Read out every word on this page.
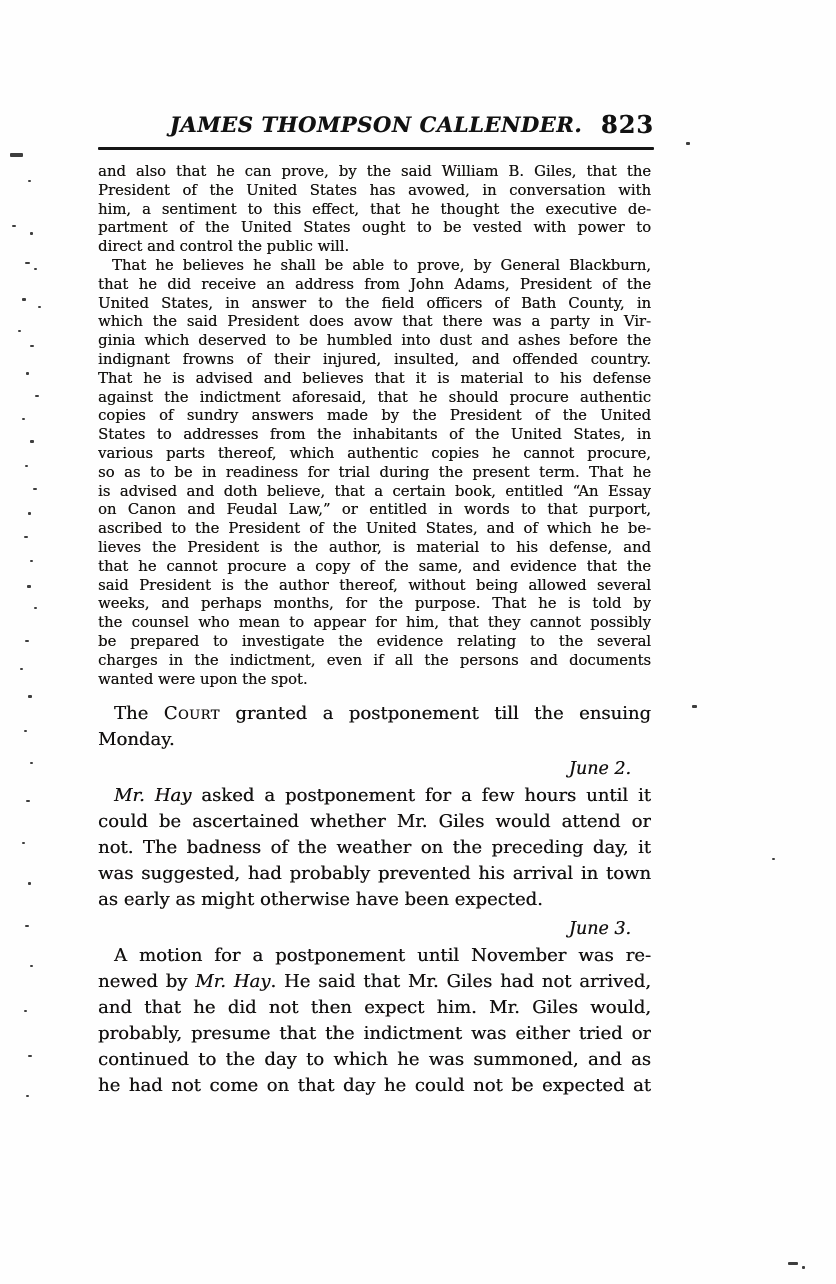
JAMES THOMPSON CALLENDER. 823
and also that he can prove, by the said William B. Giles, that the
President of the United States has avowed, in conversation with
him, a sentiment to this effect, that he thought the executive de-
partment of the United States ought to be vested with power to
direct and control the public will.
That he believes he shall be able to prove, by General Blackburn,
that he did receive an address from John Adams, President of the
United States, in answer to the field officers of Bath County, in
which the said President does avow that there was a party in Vir-
ginia which deserved to be humbled into dust and ashes before the
indignant frowns of their injured, insulted, and offended country.
That he is advised and believes that it is material to his defense
against the indictment aforesaid, that he should procure authentic
copies of sundry answers made by the President of the United
States to addresses from the inhabitants of the United States, in
various parts thereof, which authentic copies he cannot procure,
so as to be in readiness for trial during the present term. That he
is advised and doth believe, that a certain book, entitled “An Essay
on Canon and Feudal Law,” or entitled in words to that purport,
ascribed to the President of the United States, and of which he be-
lieves the President is the author, is material to his defense, and
that he cannot procure a copy of the same, and evidence that the
said President is the author thereof, without being allowed several
weeks, and perhaps months, for the purpose. That he is told by
the counsel who mean to appear for him, that they cannot possibly
be prepared to investigate the evidence relating to the several
charges in the indictment, even if all the persons and documents
wanted were upon the spot.
The Court granted a postponement till the ensuing
Monday.
June 2.
Mr. Hay asked a postponement for a few hours until it
could be ascertained whether Mr. Giles would attend or
not. The badness of the weather on the preceding day, it
was suggested, had probably prevented his arrival in town
as early as might otherwise have been expected.
June 3.
A motion for a postponement until November was re-
newed by Mr. Hay. He said that Mr. Giles had not arrived,
and that he did not then expect him. Mr. Giles would,
probably, presume that the indictment was either tried or
continued to the day to which he was summoned, and as
he had not come on that day he could not be expected at
